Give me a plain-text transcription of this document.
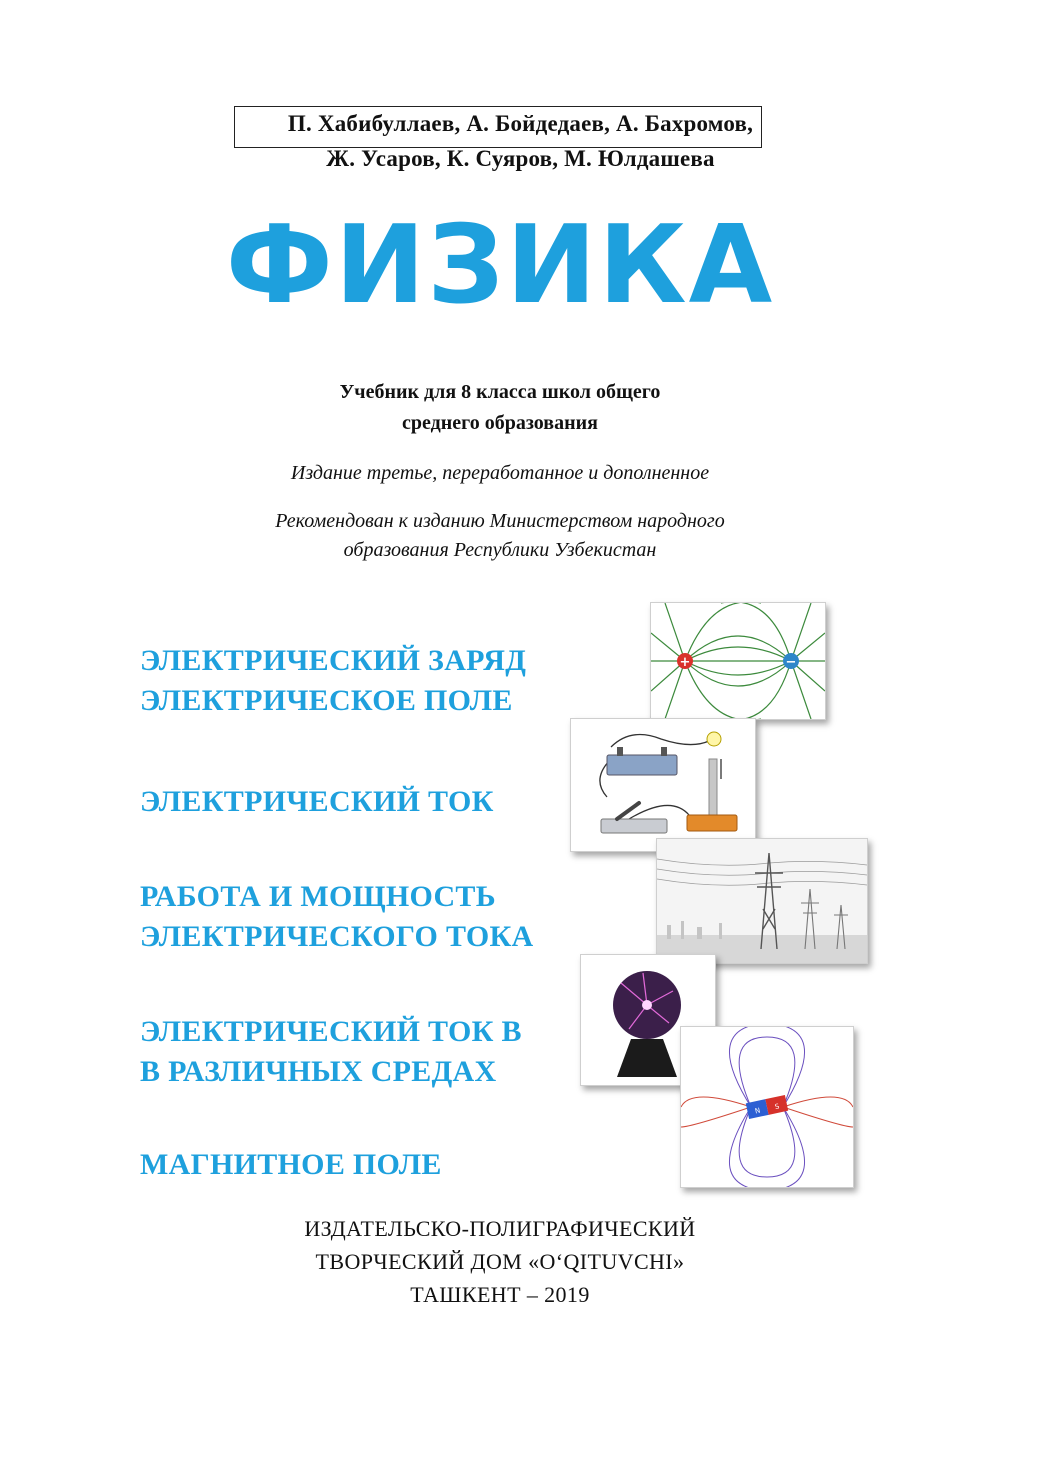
П. Хабибуллаев, А. Бойдедаев, А. Бахромов,
Ж. Усаров, К. Суяров, М. Юлдашева
ФИЗИКА
Учебник для 8 класса школ общего
среднего образования
Издание третье, переработанное и дополненное
Рекомендован к изданию Министерством народного
образования Республики Узбекистан
ЭЛЕКТРИЧЕСКИЙ ЗАРЯД
ЭЛЕКТРИЧЕСКОЕ ПОЛЕ
ЭЛЕКТРИЧЕСКИЙ ТОК
РАБОТА И МОЩНОСТЬ
ЭЛЕКТРИЧЕСКОГО ТОКА
ЭЛЕКТРИЧЕСКИЙ ТОК В
В РАЗЛИЧНЫХ СРЕДАХ
МАГНИТНОЕ ПОЛЕ
+	−
N S
ИЗДАТЕЛЬСКО-ПОЛИГРАФИЧЕСКИЙ
ТВОРЧЕСКИЙ ДОМ «O‘QITUVCHI»
ТАШКЕНТ – 2019
